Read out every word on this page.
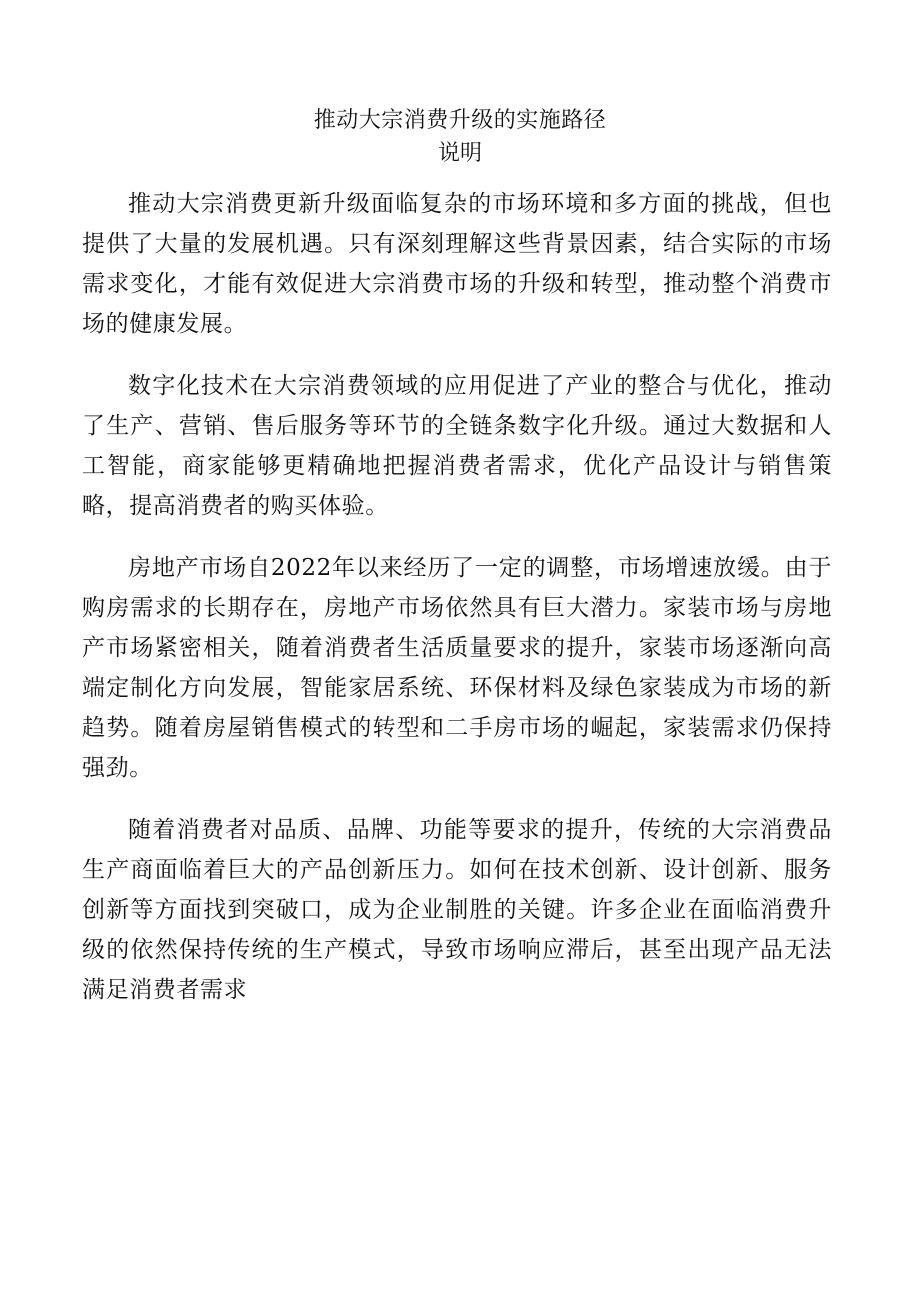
推动大宗消费升级的实施路径
说明

推动大宗消费更新升级面临复杂的市场环境和多方面的挑战，但也提供了大量的发展机遇。只有深刻理解这些背景因素，结合实际的市场需求变化，才能有效促进大宗消费市场的升级和转型，推动整个消费市场的健康发展。

数字化技术在大宗消费领域的应用促进了产业的整合与优化，推动了生产、营销、售后服务等环节的全链条数字化升级。通过大数据和人工智能，商家能够更精确地把握消费者需求，优化产品设计与销售策略，提高消费者的购买体验。

房地产市场自2022年以来经历了一定的调整，市场增速放缓。由于购房需求的长期存在，房地产市场依然具有巨大潜力。家装市场与房地产市场紧密相关，随着消费者生活质量要求的提升，家装市场逐渐向高端定制化方向发展，智能家居系统、环保材料及绿色家装成为市场的新趋势。随着房屋销售模式的转型和二手房市场的崛起，家装需求仍保持强劲。

随着消费者对品质、品牌、功能等要求的提升，传统的大宗消费品生产商面临着巨大的产品创新压力。如何在技术创新、设计创新、服务创新等方面找到突破口，成为企业制胜的关键。许多企业在面临消费升级的依然保持传统的生产模式，导致市场响应滞后，甚至出现产品无法满足消费者需求
